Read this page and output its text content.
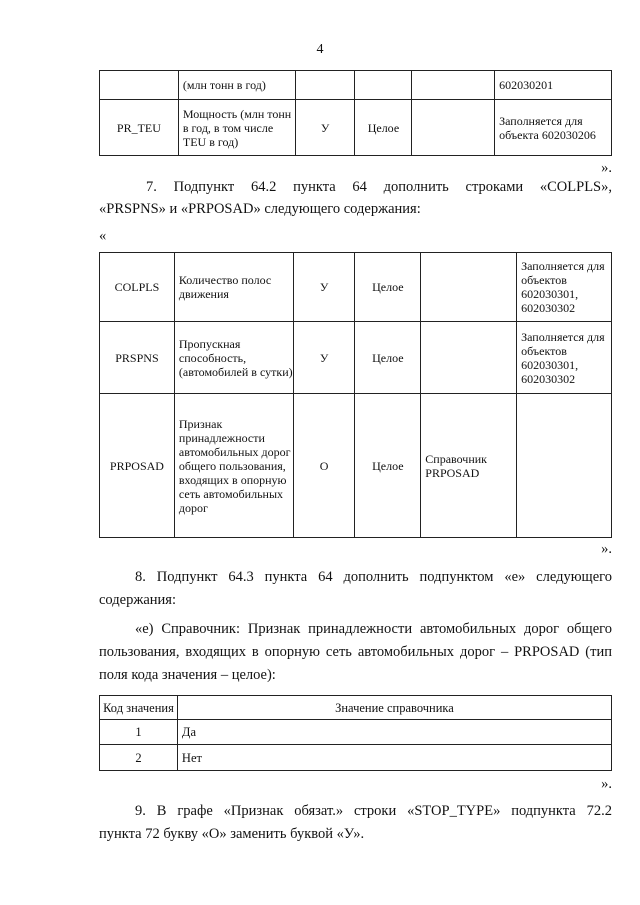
4
	(млн тонн в год)				602030201
PR_TEU	Мощность (млн тонн в год, в том числе TEU в год)	У	Целое		Заполняется для объекта 602030206
».
7. Подпункт 64.2 пункта 64 дополнить строками «COLPLS»,
«PRSPNS» и «PRPOSAD» следующего содержания:
«
COLPLS	Количество полос движения	У	Целое		Заполняется для объектов 602030301, 602030302
PRSPNS	Пропускная способность, (автомобилей в сутки)	У	Целое		Заполняется для объектов 602030301, 602030302
PRPOSAD	Признак принадлежности автомобильных дорог общего пользования, входящих в опорную сеть автомобильных дорог	О	Целое	Справочник PRPOSAD	
».
8. Подпункт 64.3 пункта 64 дополнить подпунктом «е» следующего
содержания:
«е) Справочник: Признак принадлежности автомобильных дорог общего
пользования, входящих в опорную сеть автомобильных дорог – PRPOSAD (тип
поля кода значения – целое):
Код значения	Значение справочника
1	Да
2	Нет
».
9. В графе «Признак обязат.» строки «STOP_TYPE» подпункта 72.2
пункта 72 букву «О» заменить буквой «У».
